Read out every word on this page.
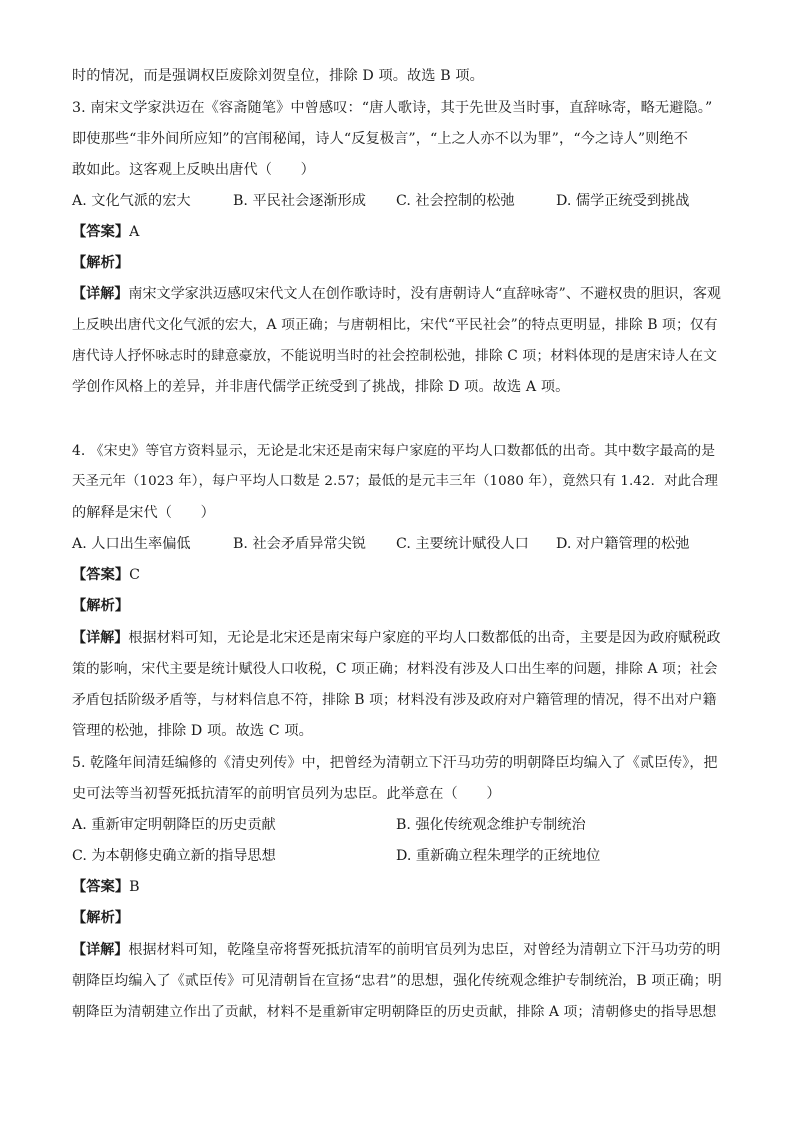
时的情况，而是强调权臣废除刘贺皇位，排除 D 项。故选 B 项。
3. 南宋文学家洪迈在《容斋随笔》中曾感叹：“唐人歌诗，其于先世及当时事，直辞咏寄，略无避隐。”
即使那些“非外间所应知”的宫闱秘闻，诗人“反复极言”，“上之人亦不以为罪”，“今之诗人”则绝不
敢如此。这客观上反映出唐代（　　）
A. 文化气派的宏大	B. 平民社会逐渐形成 C. 社会控制的松弛	D. 儒学正统受到挑战
【答案】A
【解析】
【详解】南宋文学家洪迈感叹宋代文人在创作歌诗时，没有唐朝诗人“直辞咏寄”、不避权贵的胆识，客观
上反映出唐代文化气派的宏大，A 项正确；与唐朝相比，宋代“平民社会”的特点更明显，排除 B 项；仅有
唐代诗人抒怀咏志时的肆意豪放，不能说明当时的社会控制松弛，排除 C 项；材料体现的是唐宋诗人在文
学创作风格上的差异，并非唐代儒学正统受到了挑战，排除 D 项。故选 A 项。
4. 《宋史》等官方资料显示，无论是北宋还是南宋每户家庭的平均人口数都低的出奇。其中数字最高的是
天圣元年（1023 年），每户平均人口数是 2.57；最低的是元丰三年（1080 年），竟然只有 1.42．对此合理
的解释是宋代（　　）
A. 人口出生率偏低	B. 社会矛盾异常尖锐 C. 主要统计赋役人口 D. 对户籍管理的松弛
【答案】C
【解析】
【详解】根据材料可知，无论是北宋还是南宋每户家庭的平均人口数都低的出奇，主要是因为政府赋税政
策的影响，宋代主要是统计赋役人口收税，C 项正确；材料没有涉及人口出生率的问题，排除 A 项；社会
矛盾包括阶级矛盾等，与材料信息不符，排除 B 项；材料没有涉及政府对户籍管理的情况，得不出对户籍
管理的松弛，排除 D 项。故选 C 项。
5. 乾隆年间清廷编修的《清史列传》中，把曾经为清朝立下汗马功劳的明朝降臣均编入了《贰臣传》，把
史可法等当初誓死抵抗清军的前明官员列为忠臣。此举意在（　　）
A. 重新审定明朝降臣的历史贡献	B. 强化传统观念维护专制统治
C. 为本朝修史确立新的指导思想	D. 重新确立程朱理学的正统地位
【答案】B
【解析】
【详解】根据材料可知，乾隆皇帝将誓死抵抗清军的前明官员列为忠臣，对曾经为清朝立下汗马功劳的明
朝降臣均编入了《贰臣传》可见清朝旨在宣扬“忠君”的思想，强化传统观念维护专制统治，B 项正确；明
朝降臣为清朝建立作出了贡献，材料不是重新审定明朝降臣的历史贡献，排除 A 项；清朝修史的指导思想
